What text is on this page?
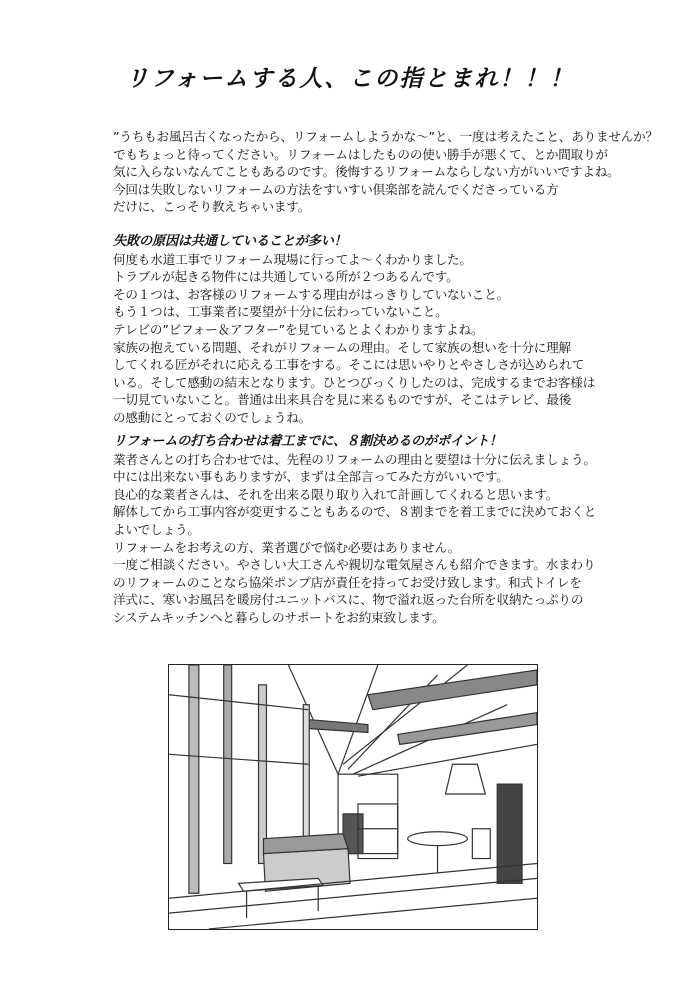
リフォームする人、この指とまれ！！！

”うちもお風呂古くなったから、リフォームしようかな～”と、一度は考えたこと、ありませんか？

でもちょっと待ってください。リフォームはしたものの使い勝手が悪くて、とか間取りが

気に入らないなんてこともあるのです。後悔するリフォームならしない方がいいですよね。

今回は失敗しないリフォームの方法をすいすい倶楽部を読んでくださっている方

だけに、こっそり教えちゃいます。

失敗の原因は共通していることが多い！

何度も水道工事でリフォーム現場に行ってよ～くわかりました。

トラブルが起きる物件には共通している所が２つあるんです。

その１つは、お客様のリフォームする理由がはっきりしていないこと。

もう１つは、工事業者に要望が十分に伝わっていないこと。

テレビの”ビフォー＆アフター”を見ているとよくわかりますよね。

家族の抱えている問題、それがリフォームの理由。そして家族の想いを十分に理解

してくれる匠がそれに応える工事をする。そこには思いやりとやさしさが込められて

いる。そして感動の結末となります。ひとつびっくりしたのは、完成するまでお客様は

一切見ていないこと。普通は出来具合を見に来るものですが、そこはテレビ、最後

の感動にとっておくのでしょうね。

リフォームの打ち合わせは着工までに、８割決めるのがポイント！

業者さんとの打ち合わせでは、先程のリフォームの理由と要望は十分に伝えましょう。

中には出来ない事もありますが、まずは全部言ってみた方がいいです。

良心的な業者さんは、それを出来る限り取り入れて計画してくれると思います。

解体してから工事内容が変更することもあるので、８割までを着工までに決めておくと

よいでしょう。

リフォームをお考えの方、業者選びで悩む必要はありません。

一度ご相談ください。やさしい大工さんや親切な電気屋さんも紹介できます。水まわり

のリフォームのことなら協栄ポンプ店が責任を持ってお受け致します。和式トイレを

洋式に、寒いお風呂を暖房付ユニットバスに、物で溢れ返った台所を収納たっぷりの

システムキッチンへと暮らしのサポートをお約束致します。
